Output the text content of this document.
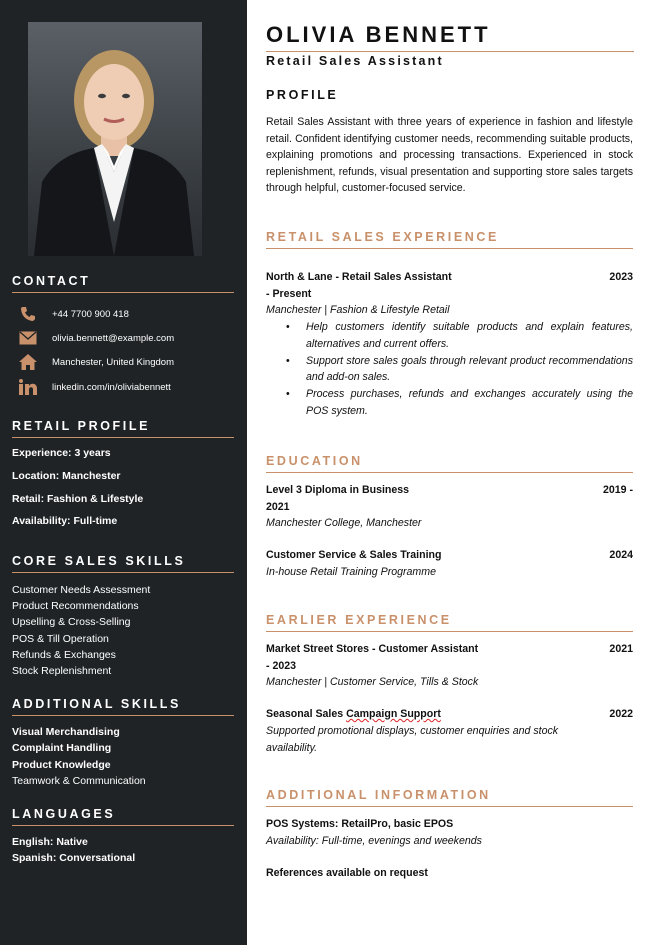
CONTACT
+44 7700 900 418
olivia.bennett@example.com
Manchester, United Kingdom
linkedin.com/in/oliviabennett
RETAIL PROFILE
Experience: 3 years
Location: Manchester
Retail: Fashion & Lifestyle
Availability: Full-time
CORE SALES SKILLS
Customer Needs Assessment
Product Recommendations
Upselling & Cross-Selling
POS & Till Operation
Refunds & Exchanges
Stock Replenishment
ADDITIONAL SKILLS
Visual Merchandising
Complaint Handling
Product Knowledge
Teamwork & Communication
LANGUAGES
English: Native
Spanish: Conversational
OLIVIA BENNETT

Retail Sales Assistant

PROFILE

Retail Sales Assistant with three years of experience in fashion and lifestyle retail. Confident identifying customer needs, recommending suitable products, explaining promotions and processing transactions. Experienced in stock replenishment, refunds, visual presentation and supporting store sales targets through helpful, customer-focused service.

RETAIL SALES EXPERIENCE

North & Lane - Retail Sales Assistant
- Present

2023

Manchester | Fashion & Lifestyle Retail

• Help customers identify suitable products and explain features, alternatives and current offers.
• Support store sales goals through relevant product recommendations and add-on sales.
• Process purchases, refunds and exchanges accurately using the POS system.
EDUCATION

Level 3 Diploma in Business
2021

2019 -

Manchester College, Manchester

Customer Service & Sales Training	2024

In-house Retail Training Programme

EARLIER EXPERIENCE

Market Street Stores - Customer Assistant
- 2023

2021

Manchester | Customer Service, Tills & Stock

Seasonal Sales Campaign Support	2022

Supported promotional displays, customer enquiries and stock availability.

ADDITIONAL INFORMATION

POS Systems: RetailPro, basic EPOS

Availability: Full-time, evenings and weekends

References available on request
